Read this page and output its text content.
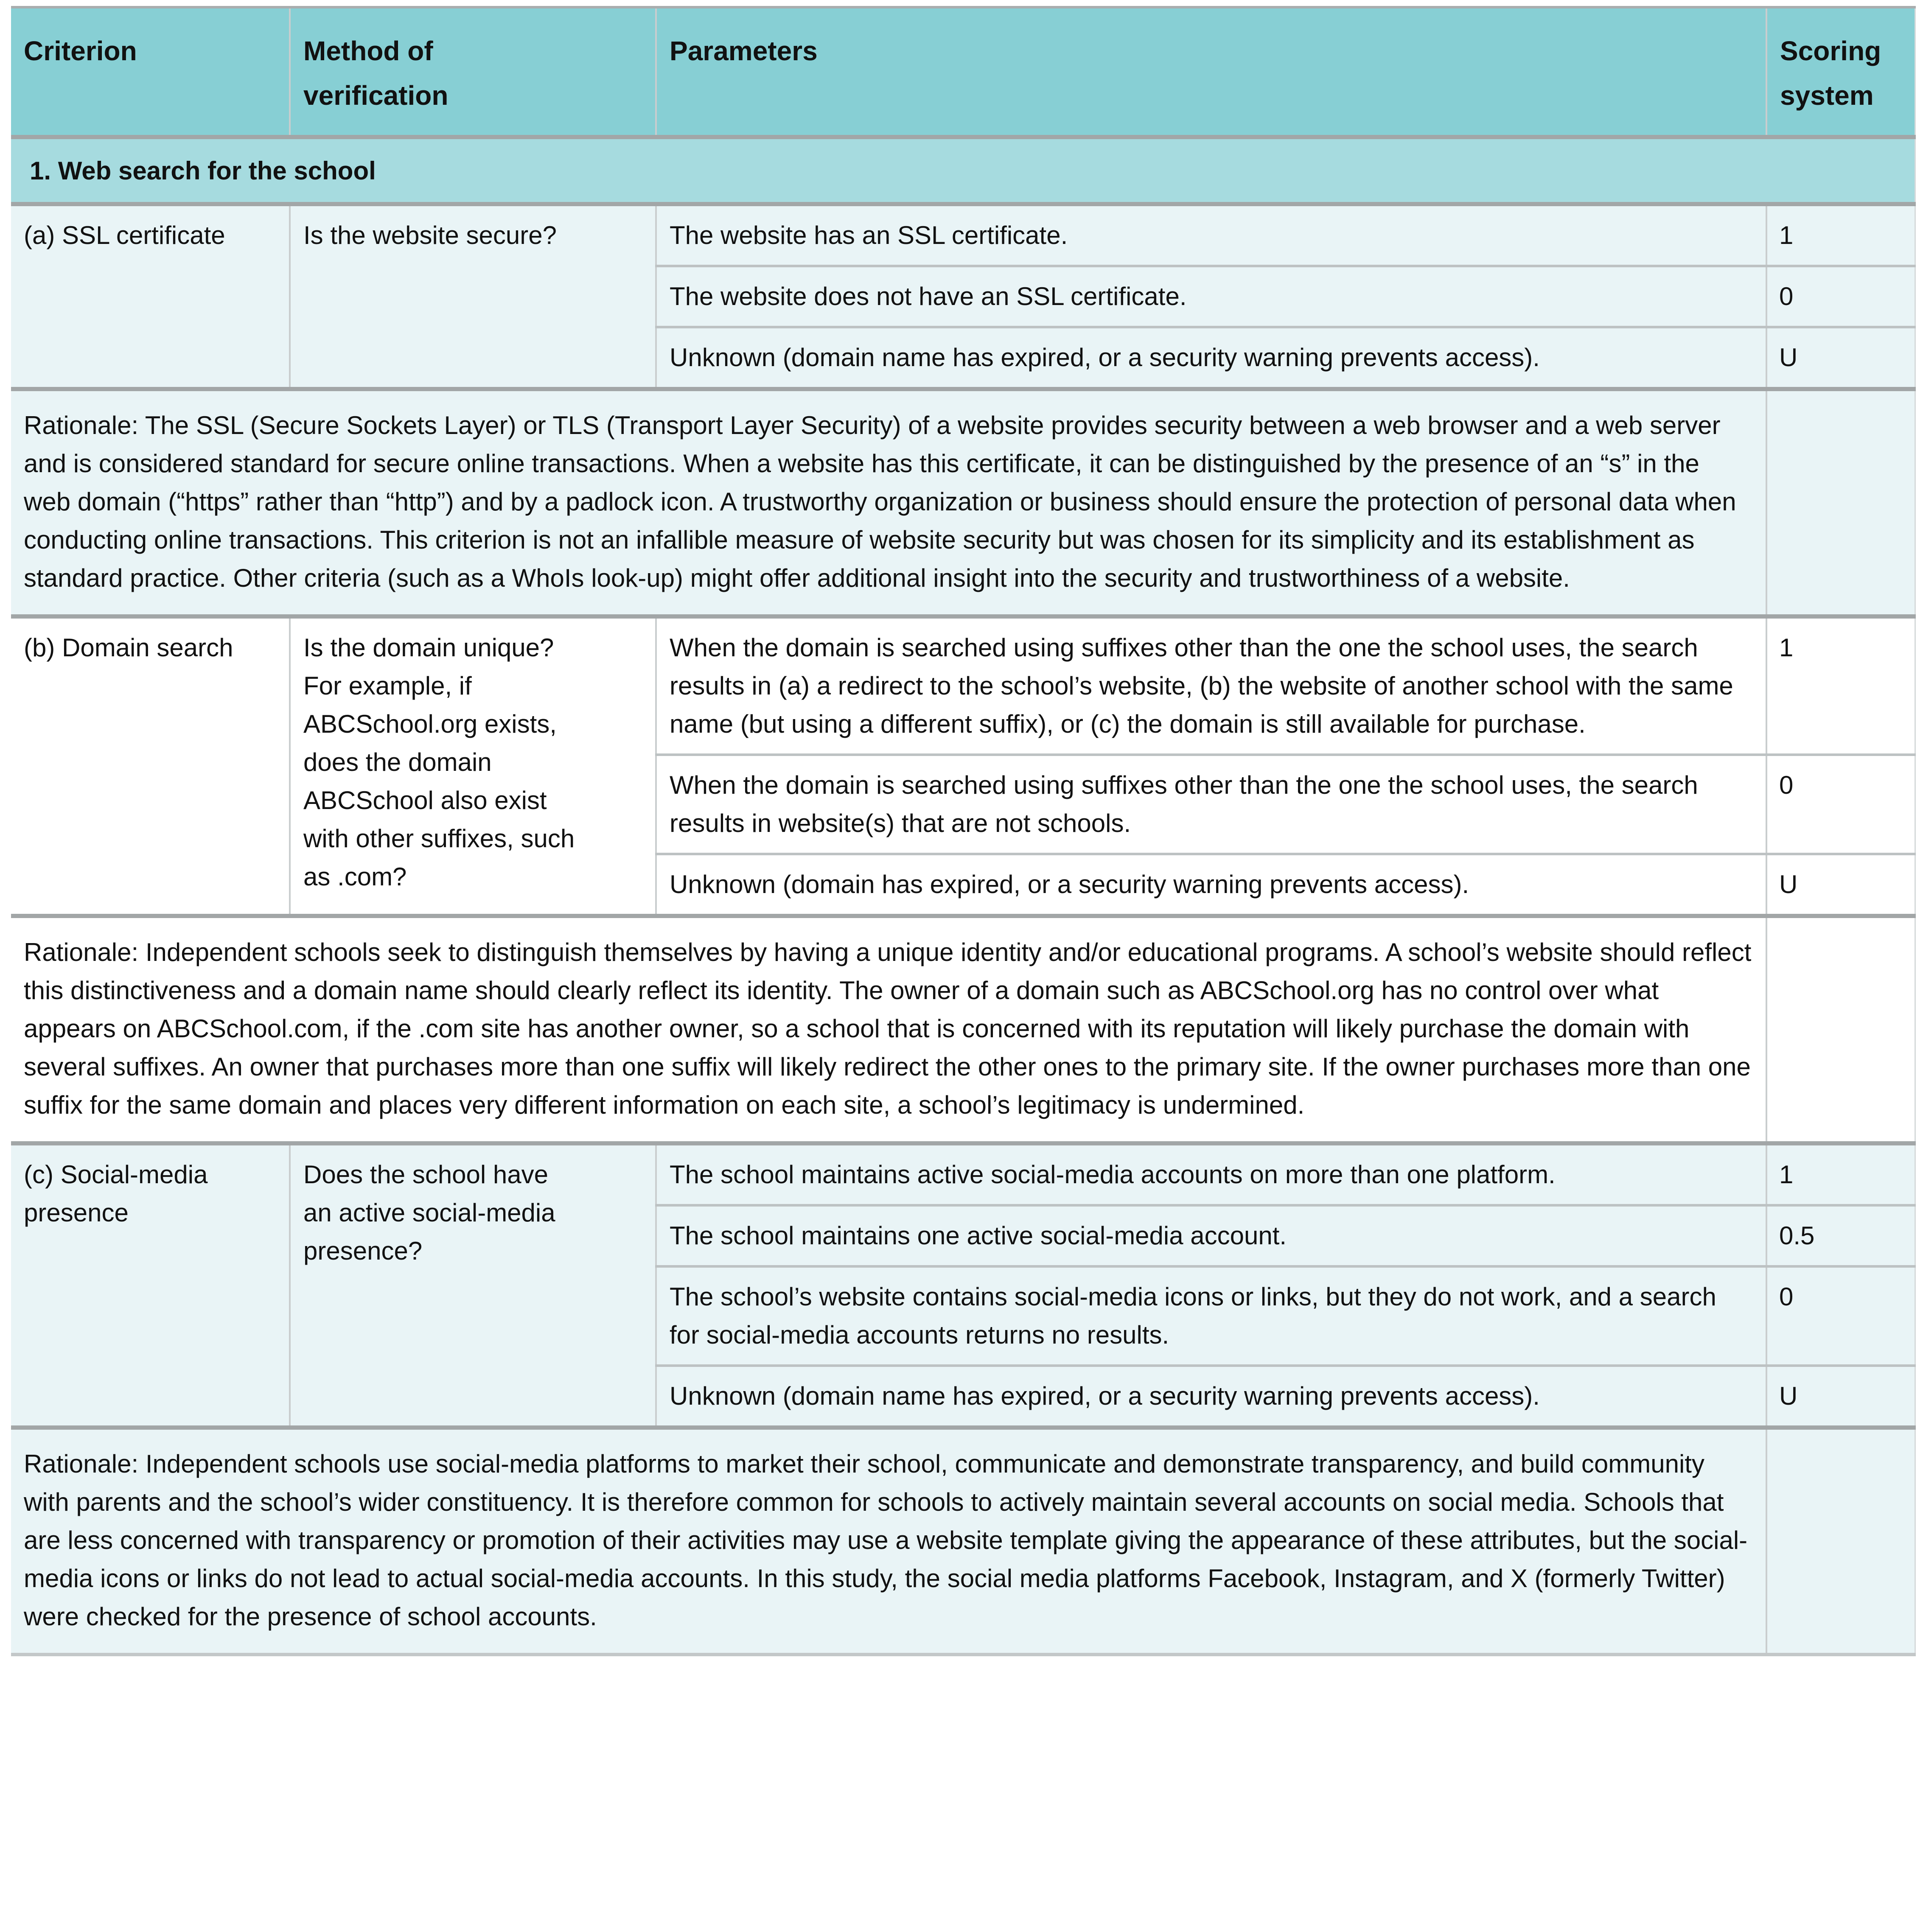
Criterion	Method of verification	Parameters	Scoring system

1. Web search for the school			

(a) SSL certificate	Is the website secure?	The website has an SSL certificate.	1
		The website does not have an SSL certificate.	0
		Unknown (domain name has expired, or a security warning prevents access).	U
Rationale: The SSL (Secure Sockets Layer) or TLS (Transport Layer Security) of a website provides security between a web browser and a web server and is considered standard for secure online transactions. When a website has this certificate, it can be distinguished by the presence of an “s” in the web domain (“https” rather than “http”) and by a padlock icon. A trustworthy organization or business should ensure the protection of personal data when conducting online transactions. This criterion is not an infallible measure of website security but was chosen for its simplicity and its establishment as standard practice. Other criteria (such as a WhoIs look-up) might offer additional insight into the security and trustworthiness of a website.			

(b) Domain search	Is the domain unique? For example, if ABCSchool.org exists, does the domain ABCSchool also exist with other suffixes, such as .com?	When the domain is searched using suffixes other than the one the school uses, the search results in (a) a redirect to the school’s website, (b) the website of another school with the same name (but using a different suffix), or (c) the domain is still available for purchase.	1
		When the domain is searched using suffixes other than the one the school uses, the search results in website(s) that are not schools.	0
		Unknown (domain has expired, or a security warning prevents access).	U
Rationale: Independent schools seek to distinguish themselves by having a unique identity and/or educational programs. A school’s website should reflect this distinctiveness and a domain name should clearly reflect its identity. The owner of a domain such as ABCSchool.org has no control over what appears on ABCSchool.com, if the .com site has another owner, so a school that is concerned with its reputation will likely purchase the domain with several suffixes. An owner that purchases more than one suffix will likely redirect the other ones to the primary site. If the owner purchases more than one suffix for the same domain and places very different information on each site, a school’s legitimacy is undermined.			

(c) Social-media presence	Does the school have an active social-media presence?	The school maintains active social-media accounts on more than one platform.	1
		The school maintains one active social-media account.	0.5
		The school’s website contains social-media icons or links, but they do not work, and a search for social-media accounts returns no results.	0
		Unknown (domain name has expired, or a security warning prevents access).	U
Rationale: Independent schools use social-media platforms to market their school, communicate and demonstrate transparency, and build community with parents and the school’s wider constituency. It is therefore common for schools to actively maintain several accounts on social media. Schools that are less concerned with transparency or promotion of their activities may use a website template giving the appearance of these attributes, but the social-media icons or links do not lead to actual social-media accounts. In this study, the social media platforms Facebook, Instagram, and X (formerly Twitter) were checked for the presence of school accounts.			
